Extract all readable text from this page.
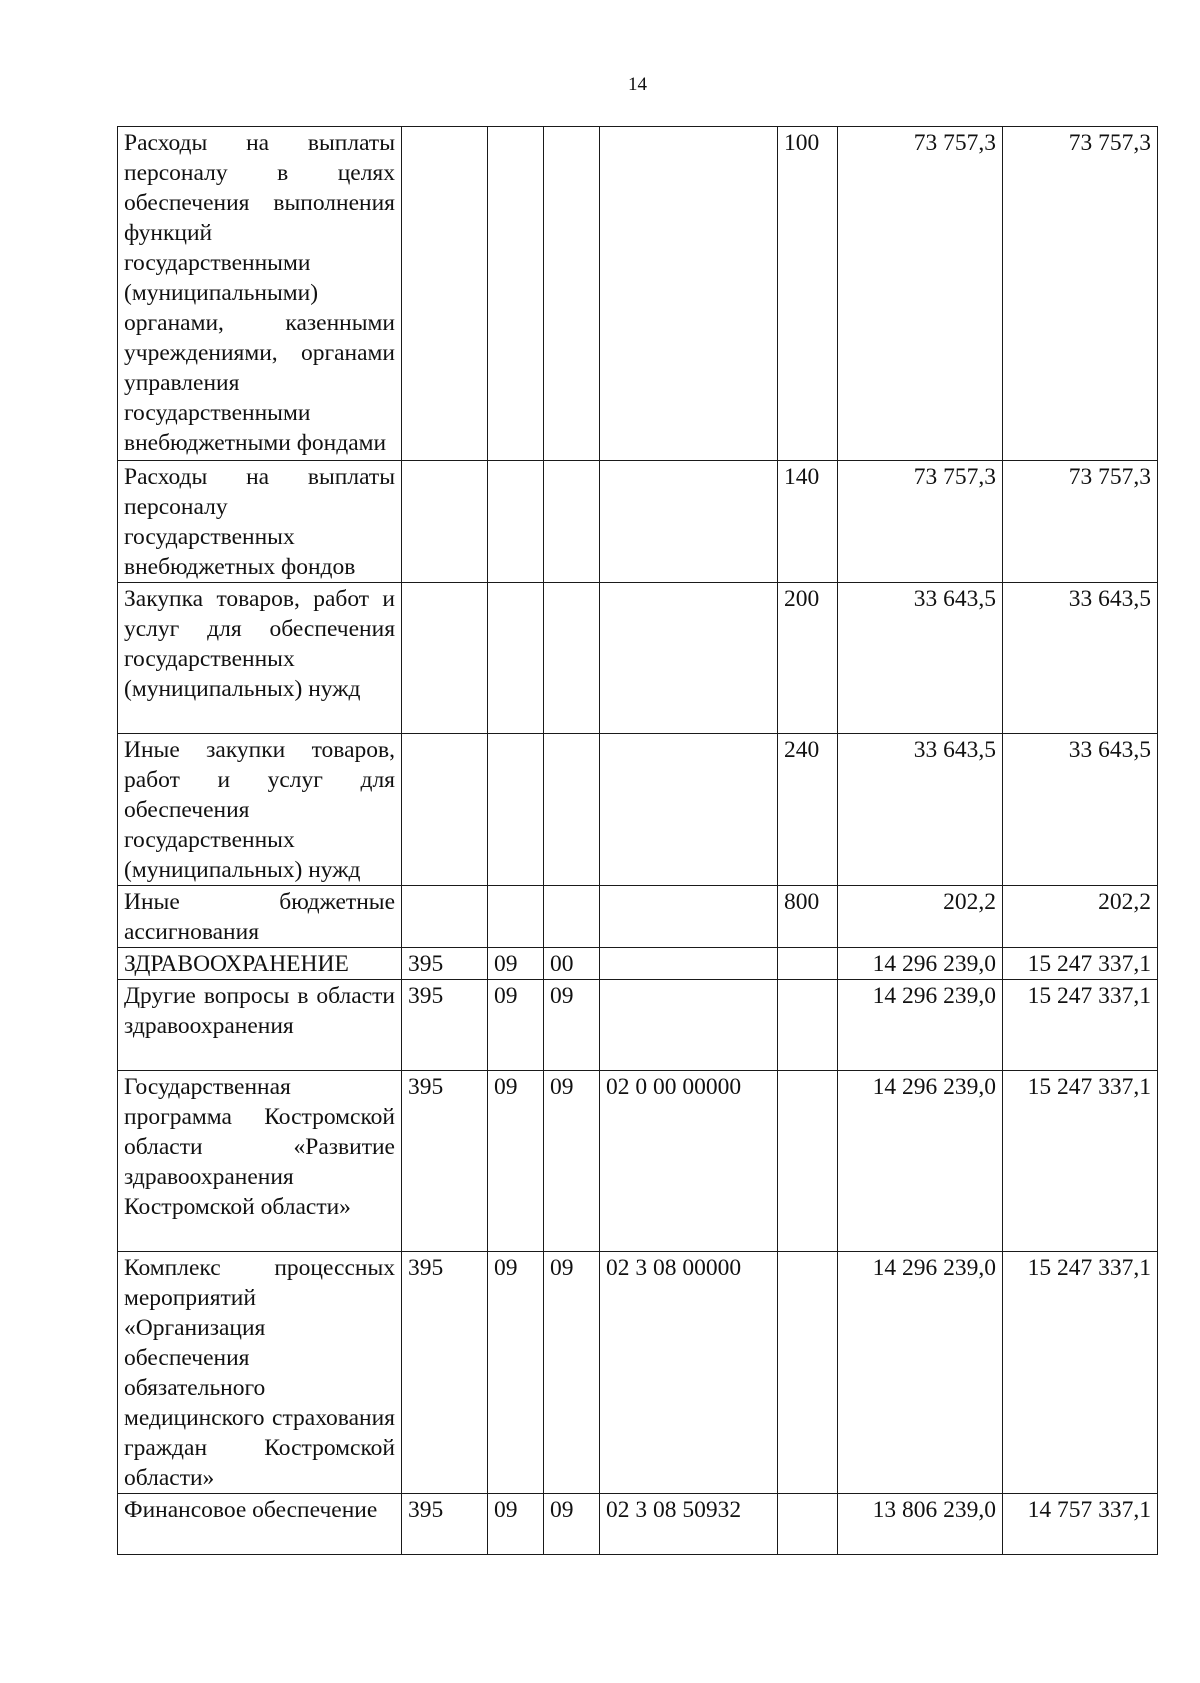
14
Расходы на выплаты персоналу в целях обеспечения выполнения функций государственными (муниципальными) органами, казенными учреждениями, органами управления государственными внебюджетными фондами					100	73 757,3	73 757,3
Расходы на выплаты персоналу государственных внебюджетных фондов					140	73 757,3	73 757,3
Закупка товаров, работ и услуг для обеспечения государственных (муниципальных) нужд					200	33 643,5	33 643,5
Иные закупки товаров, работ и услуг для обеспечения государственных (муниципальных) нужд					240	33 643,5	33 643,5
Иные бюджетные ассигнования					800	202,2	202,2
ЗДРАВООХРАНЕНИЕ	395	09	00			14 296 239,0	15 247 337,1
Другие вопросы в области здравоохранения	395	09	09			14 296 239,0	15 247 337,1
Государственная программа Костромской области «Развитие здравоохранения Костромской области»	395	09	09	02 0 00 00000		14 296 239,0	15 247 337,1
Комплекс процессных мероприятий «Организация обеспечения обязательного медицинского страхования граждан Костромской области»	395	09	09	02 3 08 00000		14 296 239,0	15 247 337,1
Финансовое обеспечение	395	09	09	02 3 08 50932		13 806 239,0	14 757 337,1
